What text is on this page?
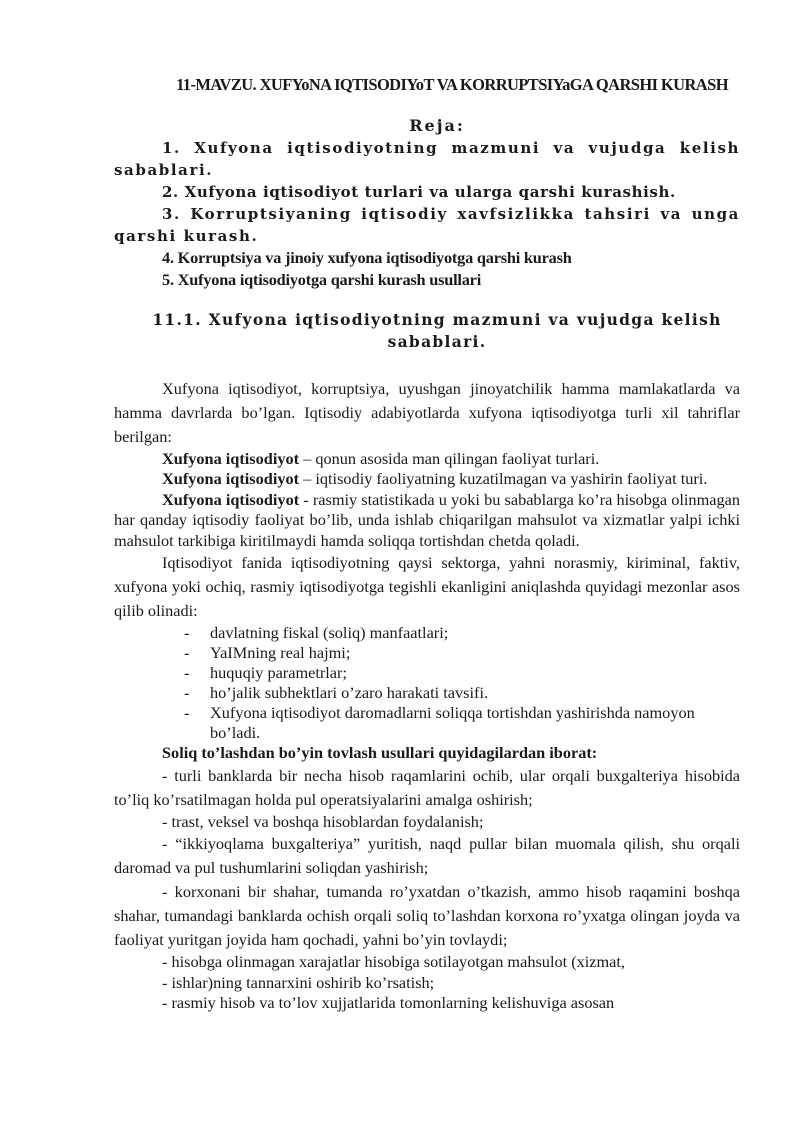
11-MAVZU. XUFYoNA IQTISODIYoT VA KORRUPTSIYaGA QARSHI KURASH
Reja:

1. Xufyona iqtisodiyotning mazmuni va vujudga kelish sabablari.

2. Xufyona iqtisodiyot turlari va ularga qarshi kurashish.

3. Korruptsiyaning iqtisodiy xavfsizlikka tahsiri va unga qarshi kurash.

4. Korruptsiya va jinoiy xufyona iqtisodiyotga qarshi kurash

5. Xufyona iqtisodiyotga qarshi kurash usullari

11.1. Xufyona iqtisodiyotning mazmuni va vujudga kelish sabablari.

Xufyona iqtisodiyot, korruptsiya, uyushgan jinoyatchilik hamma mamlakatlarda va hamma davrlarda bo’lgan. Iqtisodiy adabiyotlarda xufyona iqtisodiyotga turli xil tahriflar berilgan:

Xufyona iqtisodiyot – qonun asosida man qilingan faoliyat turlari.

Xufyona iqtisodiyot – iqtisodiy faoliyatning kuzatilmagan va yashirin faoliyat turi.

Xufyona iqtisodiyot - rasmiy statistikada u yoki bu sabablarga ko’ra hisobga olinmagan har qanday iqtisodiy faoliyat bo’lib, unda ishlab chiqarilgan mahsulot va xizmatlar yalpi ichki mahsulot tarkibiga kiritilmaydi hamda soliqqa tortishdan chetda qoladi.

Iqtisodiyot fanida iqtisodiyotning qaysi sektorga, yahni norasmiy, kiriminal, faktiv, xufyona yoki ochiq, rasmiy iqtisodiyotga tegishli ekanligini aniqlashda quyidagi mezonlar asos qilib olinadi:

- davlatning fiskal (soliq) manfaatlari;
- YaIMning real hajmi;
- huquqiy parametrlar;
- ho’jalik subhektlari o’zaro harakati tavsifi.
- Xufyona iqtisodiyot daromadlarni soliqqa tortishdan yashirishda namoyon bo’ladi.

Soliq to’lashdan bo’yin tovlash usullari quyidagilardan iborat:

- turli banklarda bir necha hisob raqamlarini ochib, ular orqali buxgalteriya hisobida to’liq ko’rsatilmagan holda pul operatsiyalarini amalga oshirish;

- trast, veksel va boshqa hisoblardan foydalanish;

- “ikkiyoqlama buxgalteriya” yuritish, naqd pullar bilan muomala qilish, shu orqali daromad va pul tushumlarini soliqdan yashirish;

- korxonani bir shahar, tumanda ro’yxatdan o’tkazish, ammo hisob raqamini boshqa shahar, tumandagi banklarda ochish orqali soliq to’lashdan korxona ro’yxatga olingan joyda va faoliyat yuritgan joyida ham qochadi, yahni bo’yin tovlaydi;

- hisobga olinmagan xarajatlar hisobiga sotilayotgan mahsulot (xizmat,

- ishlar)ning tannarxini oshirib ko’rsatish;

- rasmiy hisob va to’lov xujjatlarida tomonlarning kelishuviga asosan
